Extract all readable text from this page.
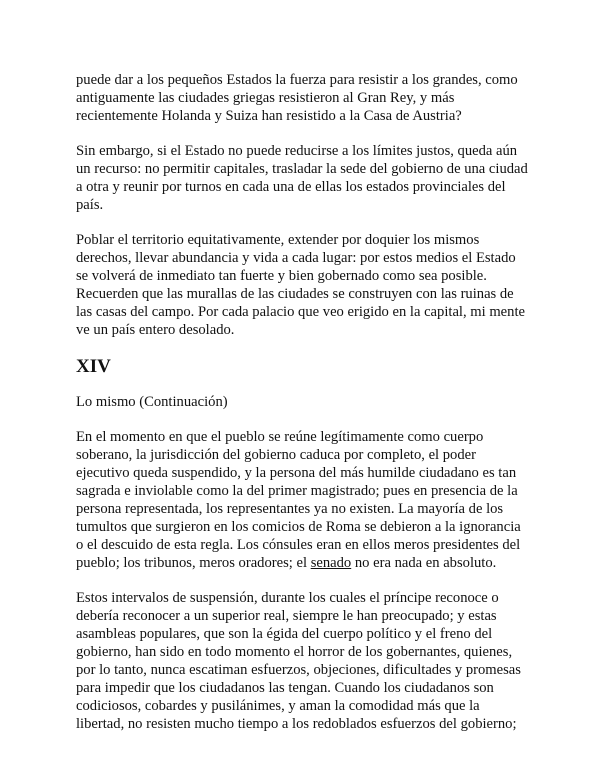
puede dar a los pequeños Estados la fuerza para resistir a los grandes, como antiguamente las ciudades griegas resistieron al Gran Rey, y más recientemente Holanda y Suiza han resistido a la Casa de Austria?

Sin embargo, si el Estado no puede reducirse a los límites justos, queda aún un recurso: no permitir capitales, trasladar la sede del gobierno de una ciudad a otra y reunir por turnos en cada una de ellas los estados provinciales del país.

Poblar el territorio equitativamente, extender por doquier los mismos derechos, llevar abundancia y vida a cada lugar: por estos medios el Estado se volverá de inmediato tan fuerte y bien gobernado como sea posible. Recuerden que las murallas de las ciudades se construyen con las ruinas de las casas del campo. Por cada palacio que veo erigido en la capital, mi mente ve un país entero desolado.

XIV

Lo mismo (Continuación)

En el momento en que el pueblo se reúne legítimamente como cuerpo soberano, la jurisdicción del gobierno caduca por completo, el poder ejecutivo queda suspendido, y la persona del más humilde ciudadano es tan sagrada e inviolable como la del primer magistrado; pues en presencia de la persona representada, los representantes ya no existen. La mayoría de los tumultos que surgieron en los comicios de Roma se debieron a la ignorancia o el descuido de esta regla. Los cónsules eran en ellos meros presidentes del pueblo; los tribunos, meros oradores; el senado no era nada en absoluto.

Estos intervalos de suspensión, durante los cuales el príncipe reconoce o debería reconocer a un superior real, siempre le han preocupado; y estas asambleas populares, que son la égida del cuerpo político y el freno del gobierno, han sido en todo momento el horror de los gobernantes, quienes, por lo tanto, nunca escatiman esfuerzos, objeciones, dificultades y promesas para impedir que los ciudadanos las tengan. Cuando los ciudadanos son codiciosos, cobardes y pusilánimes, y aman la comodidad más que la libertad, no resisten mucho tiempo a los redoblados esfuerzos del gobierno;
